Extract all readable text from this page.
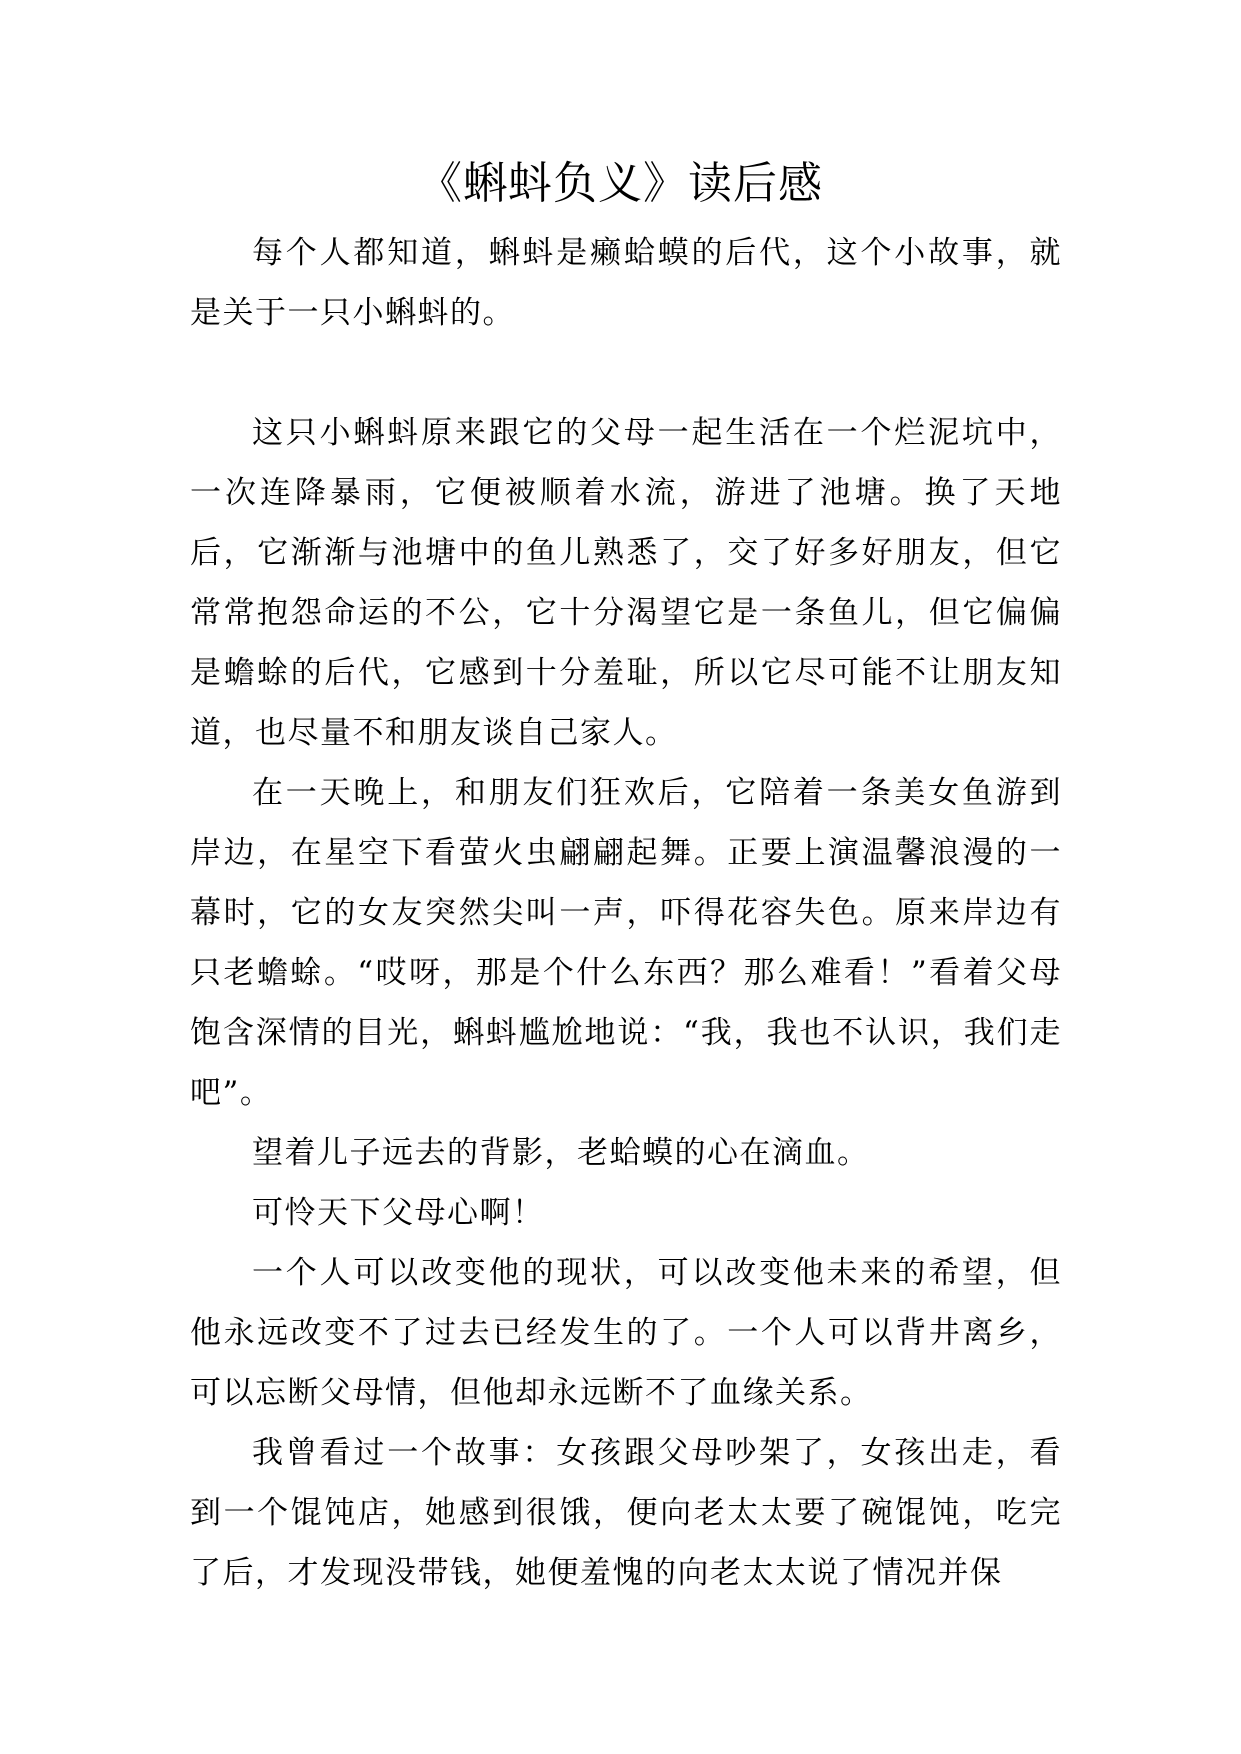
《蝌蚪负义》读后感

每个人都知道，蝌蚪是癞蛤蟆的后代，这个小故事，就是关于一只小蝌蚪的。

这只小蝌蚪原来跟它的父母一起生活在一个烂泥坑中，一次连降暴雨，它便被顺着水流，游进了池塘。换了天地后，它渐渐与池塘中的鱼儿熟悉了，交了好多好朋友，但它常常抱怨命运的不公，它十分渴望它是一条鱼儿，但它偏偏是蟾蜍的后代，它感到十分羞耻，所以它尽可能不让朋友知道，也尽量不和朋友谈自己家人。

在一天晚上，和朋友们狂欢后，它陪着一条美女鱼游到岸边，在星空下看萤火虫翩翩起舞。正要上演温馨浪漫的一幕时，它的女友突然尖叫一声，吓得花容失色。原来岸边有只老蟾蜍。“哎呀，那是个什么东西？那么难看！”看着父母饱含深情的目光，蝌蚪尴尬地说：“我，我也不认识，我们走吧”。

望着儿子远去的背影，老蛤蟆的心在滴血。

可怜天下父母心啊！

一个人可以改变他的现状，可以改变他未来的希望，但他永远改变不了过去已经发生的了。一个人可以背井离乡，可以忘断父母情，但他却永远断不了血缘关系。

我曾看过一个故事：女孩跟父母吵架了，女孩出走，看到一个馄饨店，她感到很饿，便向老太太要了碗馄饨，吃完了后，才发现没带钱，她便羞愧的向老太太说了情况并保
